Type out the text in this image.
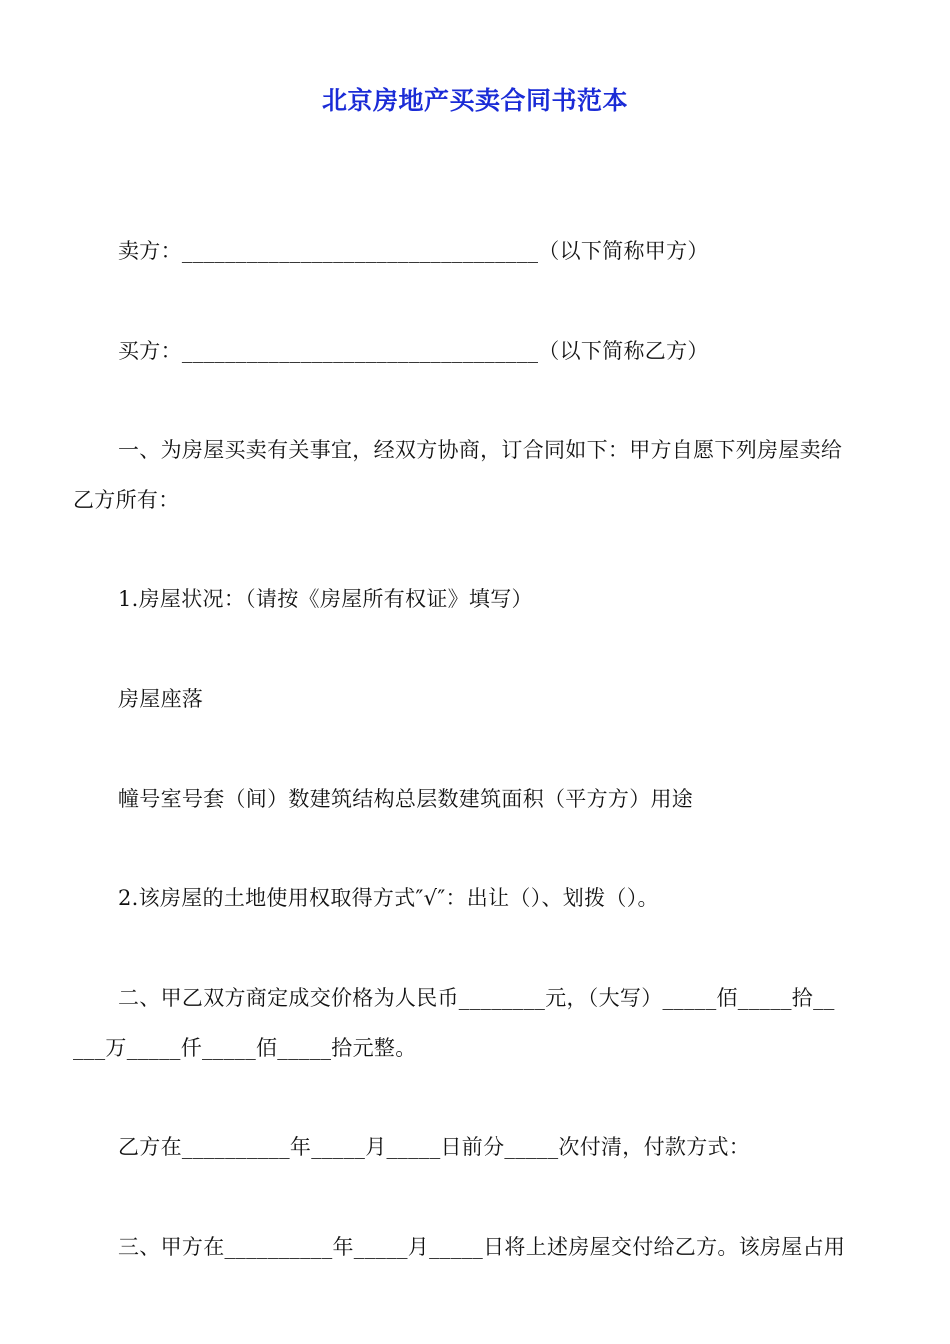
北京房地产买卖合同书范本
卖方：_________________________________（以下简称甲方）
买方：_________________________________（以下简称乙方）
一、为房屋买卖有关事宜，经双方协商，订合同如下：甲方自愿下列房屋卖给
乙方所有：
1.房屋状况：（请按《房屋所有权证》填写）
房屋座落
幢号室号套（间）数建筑结构总层数建筑面积（平方方）用途
2.该房屋的土地使用权取得方式″√″：出让（）、划拨（）。
二、甲乙双方商定成交价格为人民币________元，（大写）_____佰_____拾__
___万_____仟_____佰_____拾元整。
乙方在__________年_____月_____日前分_____次付清，付款方式：
三、甲方在__________年_____月_____日将上述房屋交付给乙方。该房屋占用
